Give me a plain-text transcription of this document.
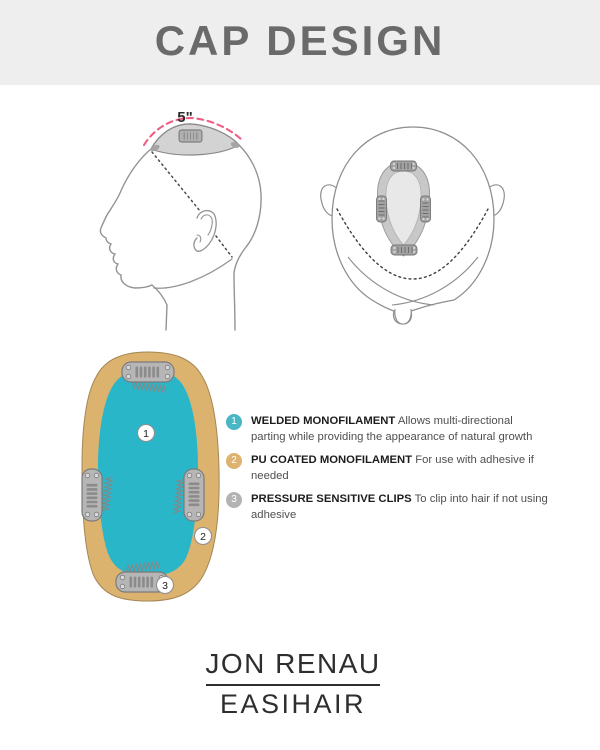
CAP DESIGN
5"
1
2
3
1	WELDED MONOFILAMENT Allows multi-directional parting while providing the appearance of natural growth
2	PU COATED MONOFILAMENT For use with adhesive if needed
3	PRESSURE SENSITIVE CLIPS To clip into hair if not using adhesive
JON RENAU
EASIHAIR
